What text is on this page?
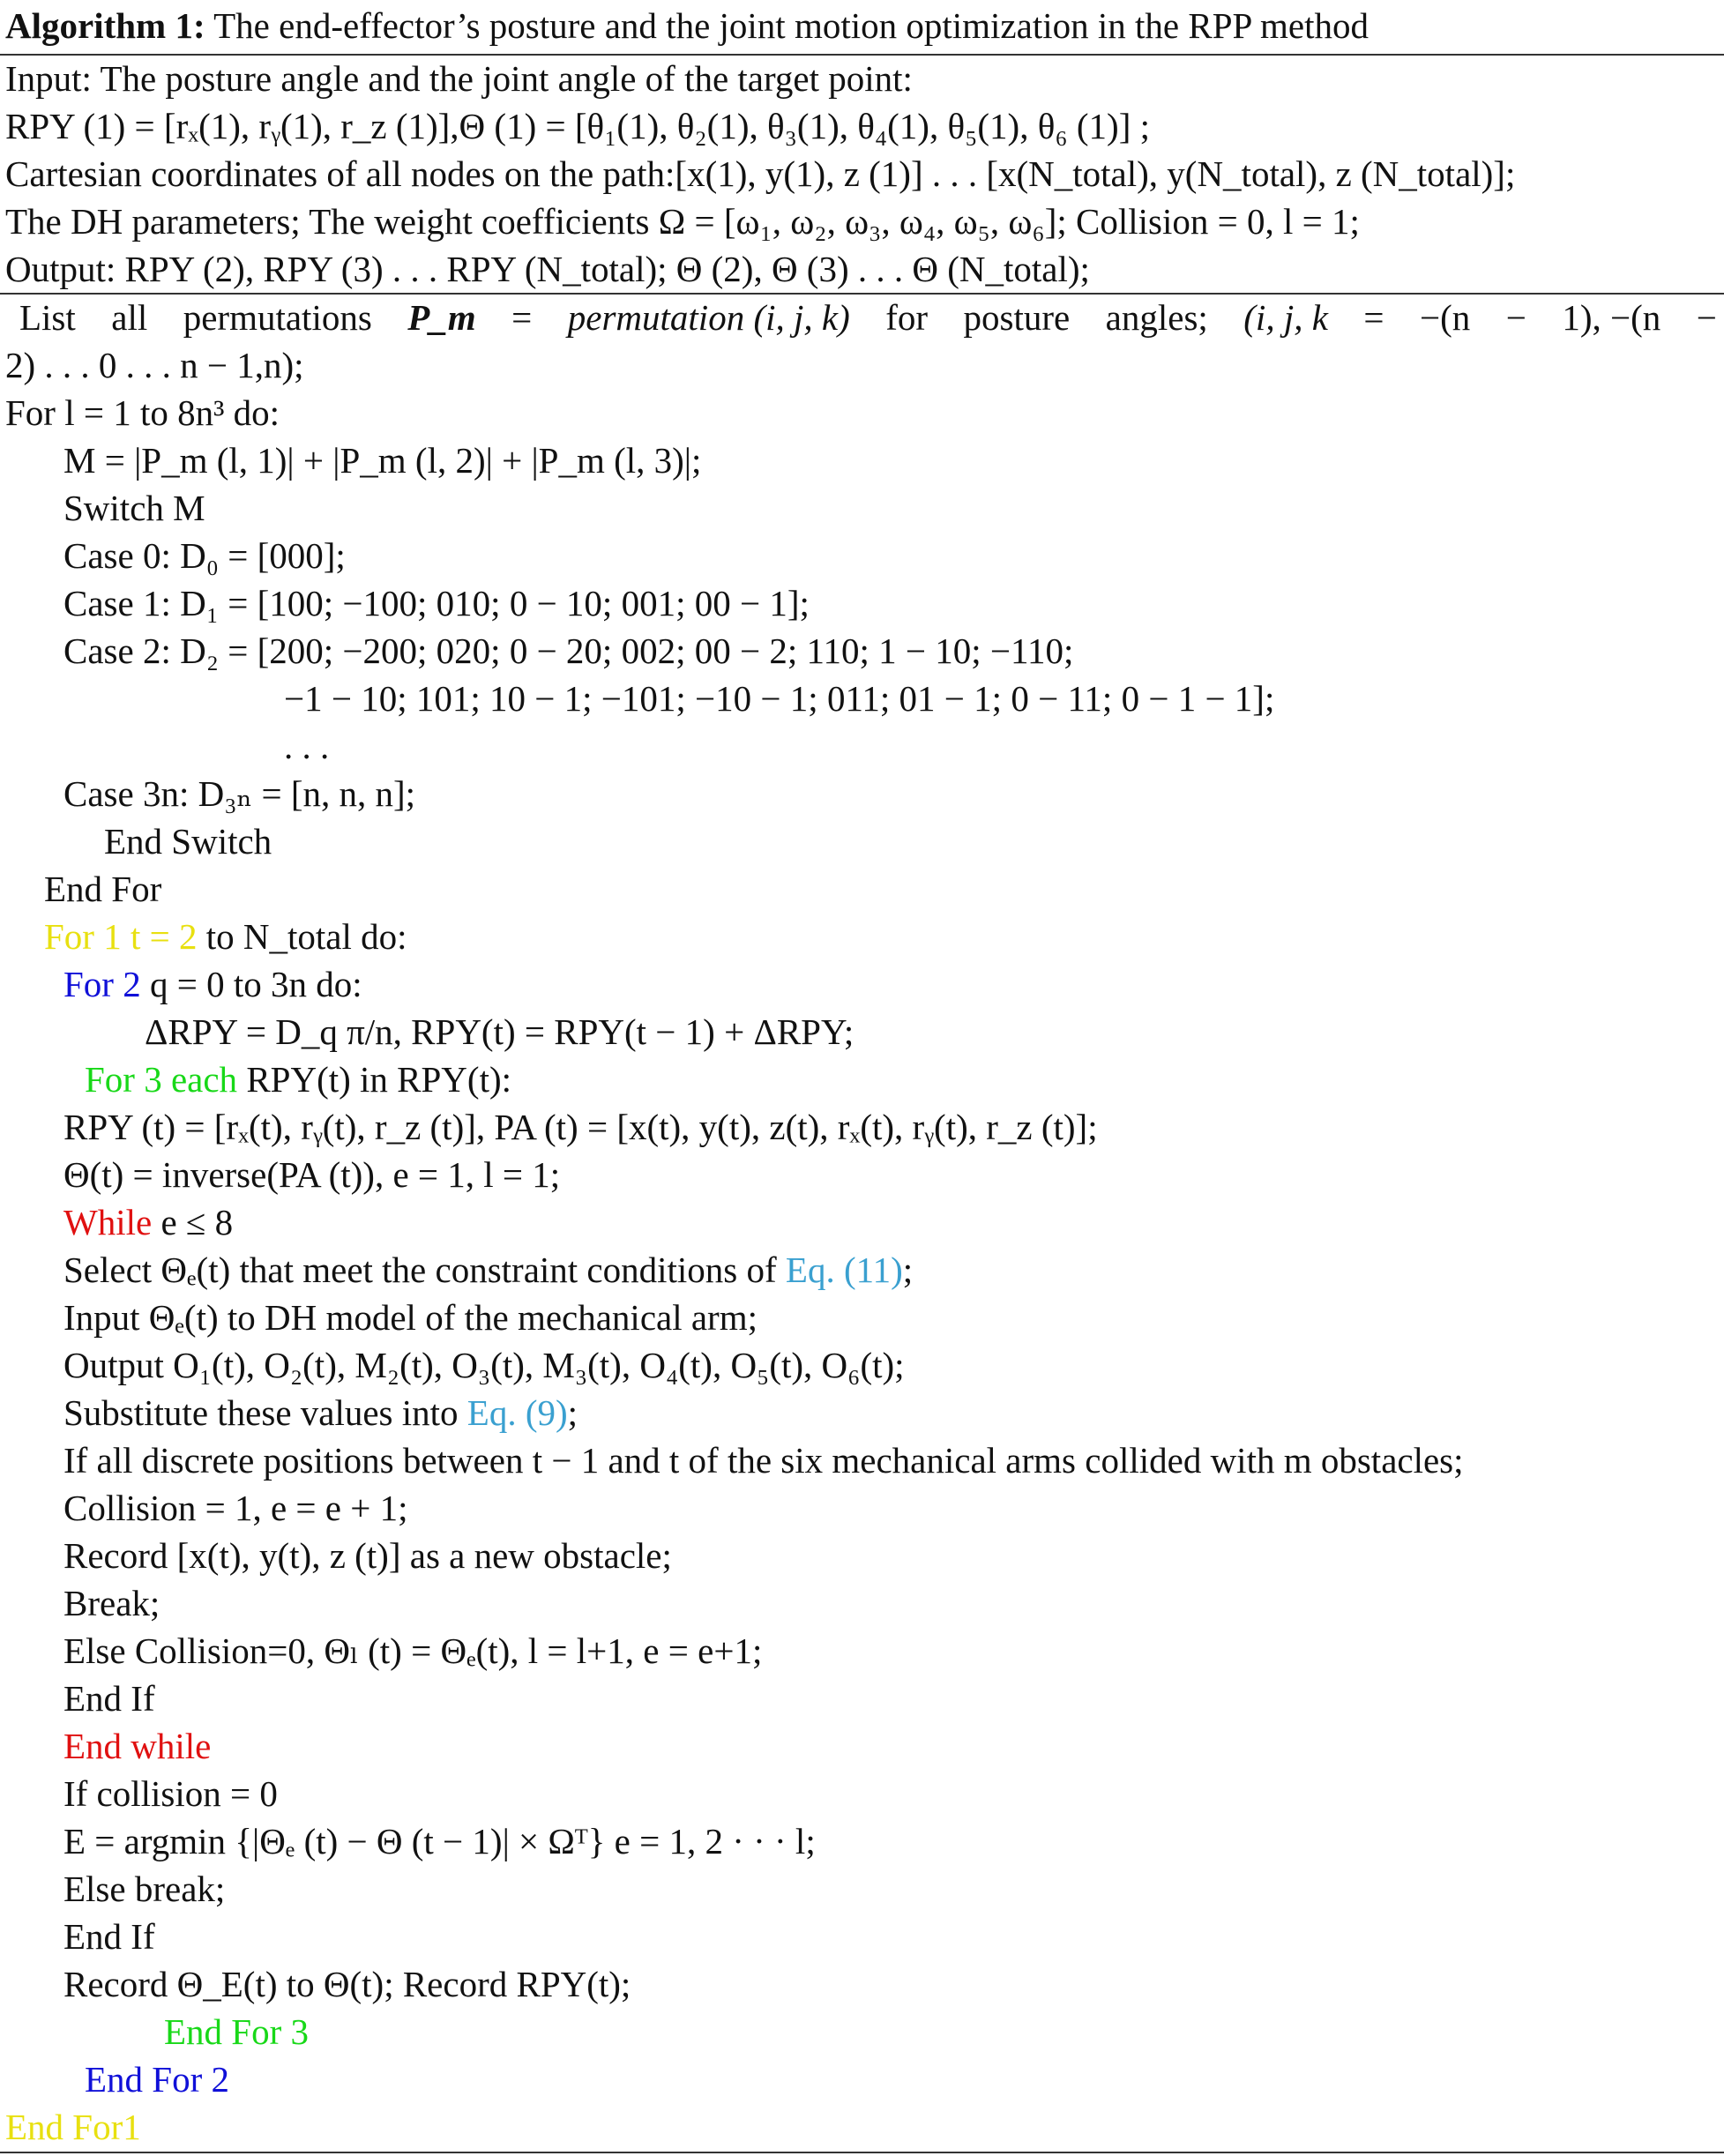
Algorithm 1: The end-effector’s posture and the joint motion optimization in the RPP method
Input: The posture angle and the joint angle of the target point:
RPY (1) = [rₓ(1), rᵧ(1), r_z (1)],Θ (1) = [θ₁(1), θ₂(1), θ₃(1), θ₄(1), θ₅(1), θ₆ (1)] ;
Cartesian coordinates of all nodes on the path:[x(1), y(1), z (1)] . . . [x(N_total), y(N_total), z (N_total)];
The DH parameters; The weight coefficients Ω = [ω₁, ω₂, ω₃, ω₄, ω₅, ω₆]; Collision = 0, l = 1;
Output: RPY (2), RPY (3) . . . RPY (N_total); Θ (2), Θ (3) . . . Θ (N_total);
List all permutations P_m = permutation (i, j, k) for posture angles; (i, j, k = −(n − 1), −(n −
2) . . . 0 . . . n − 1,n);
For l = 1 to 8n³ do:
M = |P_m (l, 1)| + |P_m (l, 2)| + |P_m (l, 3)|;
Switch M
Case 0: D₀ = [000];
Case 1: D₁ = [100; −100; 010; 0 − 10; 001; 00 − 1];
Case 2: D₂ = [200; −200; 020; 0 − 20; 002; 00 − 2; 110; 1 − 10; −110;
−1 − 10; 101; 10 − 1; −101; −10 − 1; 011; 01 − 1; 0 − 11; 0 − 1 − 1];
. . .
Case 3n: D₃ₙ = [n, n, n];
End Switch
End For
For 1 t = 2 to N_total do:
For 2 q = 0 to 3n do:
ΔRPY = D_q π/n, RPY(t) = RPY(t − 1) + ΔRPY;
For 3 each RPY(t) in RPY(t):
RPY (t) = [rₓ(t), rᵧ(t), r_z (t)], PA (t) = [x(t), y(t), z(t), rₓ(t), rᵧ(t), r_z (t)];
Θ(t) = inverse(PA (t)), e = 1, l = 1;
While e ≤ 8
Select Θₑ(t) that meet the constraint conditions of Eq. (11);
Input Θₑ(t) to DH model of the mechanical arm;
Output O₁(t), O₂(t), M₂(t), O₃(t), M₃(t), O₄(t), O₅(t), O₆(t);
Substitute these values into Eq. (9);
If all discrete positions between t − 1 and t of the six mechanical arms collided with m obstacles;
Collision = 1, e = e + 1;
Record [x(t), y(t), z (t)] as a new obstacle;
Break;
Else Collision=0, Θₗ (t) = Θₑ(t), l = l+1, e = e+1;
End If
End while
If collision = 0
E = argmin {|Θₑ (t) − Θ (t − 1)| × Ωᵀ} e = 1, 2 · · · l;
Else break;
End If
Record Θ_E(t) to Θ(t); Record RPY(t);
End For 3
End For 2
End For1
